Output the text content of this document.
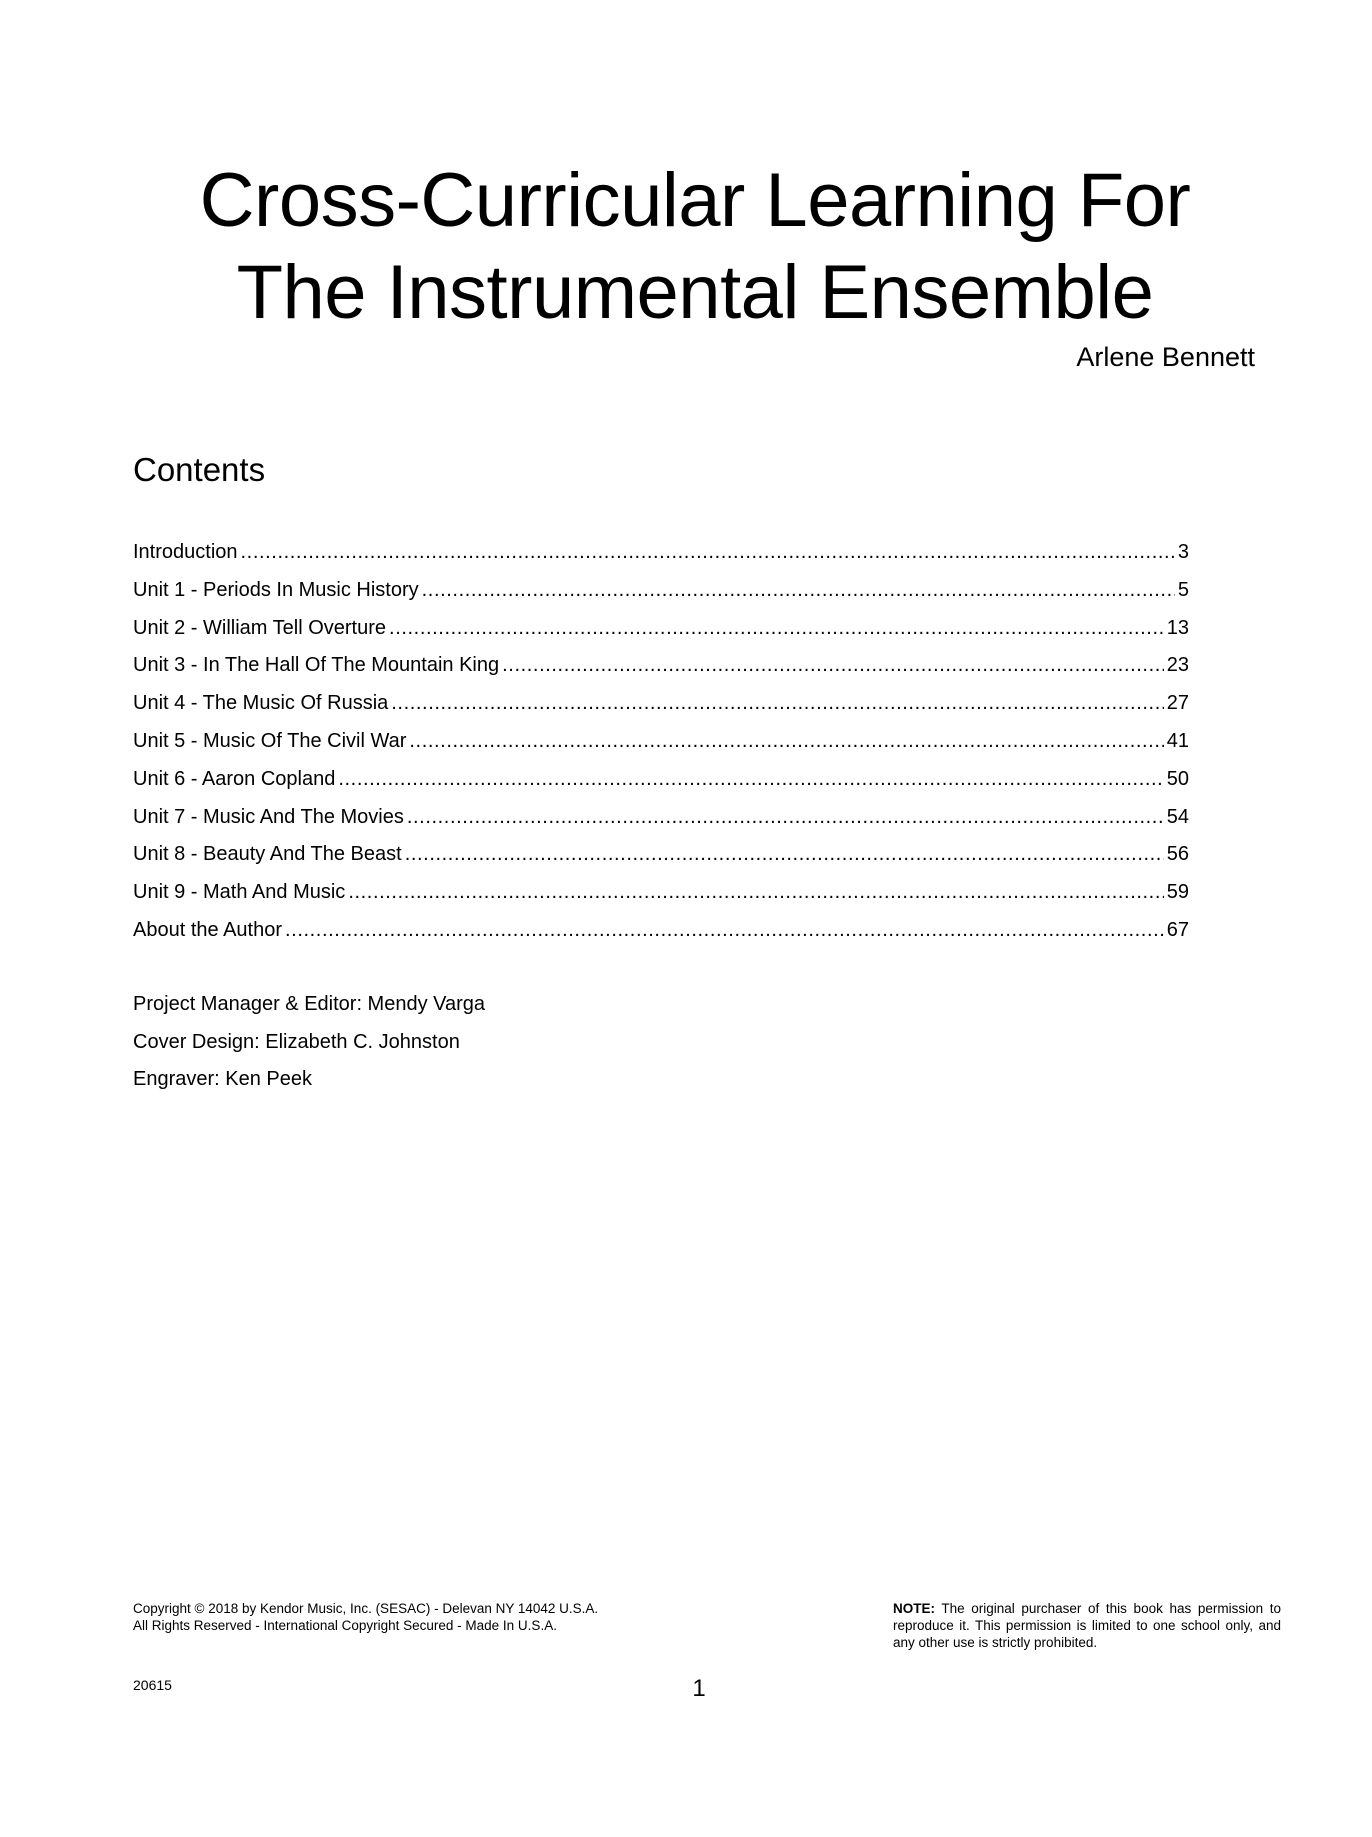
Cross-Curricular Learning For
The Instrumental Ensemble
Arlene Bennett
Contents
Introduction .....	3
Unit 1 - Periods In Music History .....	5
Unit 2 - William Tell Overture .....	13
Unit 3 - In The Hall Of The Mountain King .....	23
Unit 4 - The Music Of Russia .....	27
Unit 5 - Music Of The Civil War .....	41
Unit 6 - Aaron Copland .....	50
Unit 7 - Music And The Movies .....	54
Unit 8 - Beauty And The Beast .....	56
Unit 9 - Math And Music .....	59
About the Author .....	67
Project Manager & Editor: Mendy Varga
Cover Design: Elizabeth C. Johnston
Engraver: Ken Peek
Copyright © 2018 by Kendor Music, Inc. (SESAC) - Delevan NY 14042 U.S.A.
All Rights Reserved - International Copyright Secured - Made In U.S.A.
NOTE: The original purchaser of this book has permission to reproduce it. This permission is limited to one school only, and any other use is strictly prohibited.
20615	1
